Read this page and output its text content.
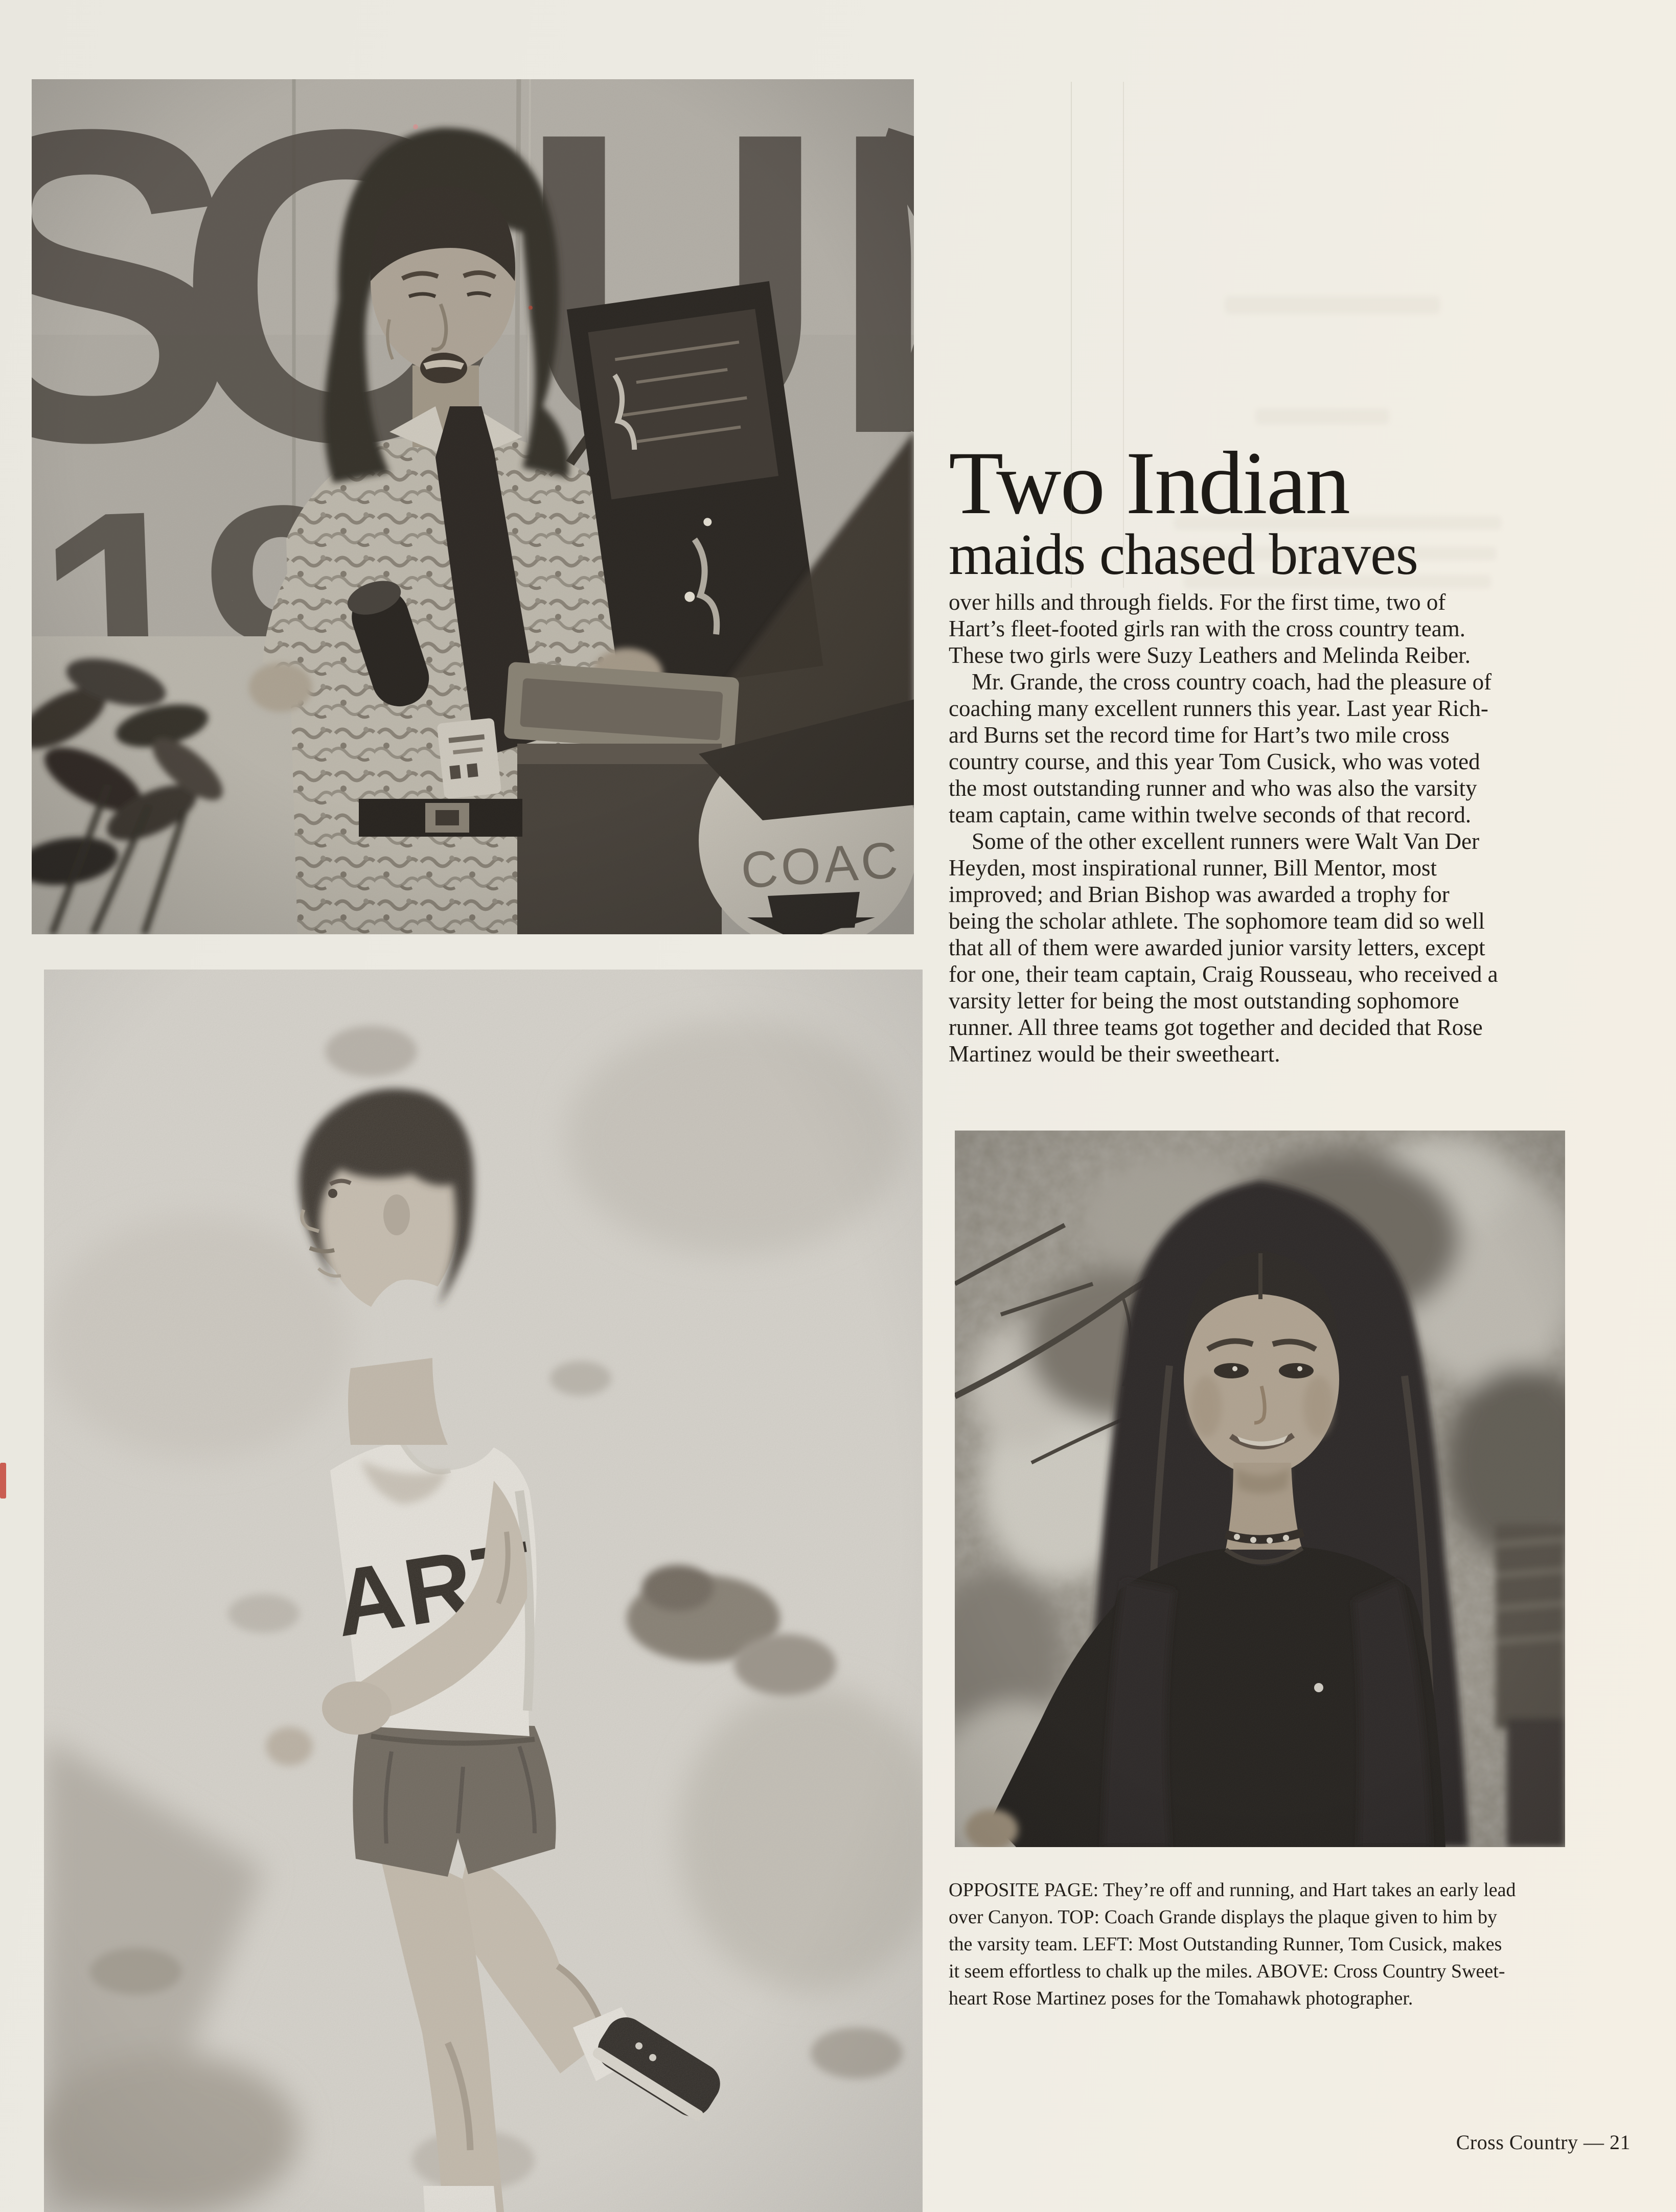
Two Indian
maids chased braves
over hills and through fields. For the first time, two of
Hart’s fleet-footed girls ran with the cross country team.
These two girls were Suzy Leathers and Melinda Reiber.
Mr. Grande, the cross country coach, had the pleasure of
coaching many excellent runners this year. Last year Rich-
ard Burns set the record time for Hart’s two mile cross
country course, and this year Tom Cusick, who was voted
the most outstanding runner and who was also the varsity
team captain, came within twelve seconds of that record.
Some of the other excellent runners were Walt Van Der
Heyden, most inspirational runner, Bill Mentor, most
improved; and Brian Bishop was awarded a trophy for
being the scholar athlete. The sophomore team did so well
that all of them were awarded junior varsity letters, except
for one, their team captain, Craig Rousseau, who received a
varsity letter for being the most outstanding sophomore
runner. All three teams got together and decided that Rose
Martinez would be their sweetheart.
OPPOSITE PAGE: They’re off and running, and Hart takes an early lead
over Canyon. TOP: Coach Grande displays the plaque given to him by
the varsity team. LEFT: Most Outstanding Runner, Tom Cusick, makes
it seem effortless to chalk up the miles. ABOVE: Cross Country Sweet-
heart Rose Martinez poses for the Tomahawk photographer.
Cross Country — 21
